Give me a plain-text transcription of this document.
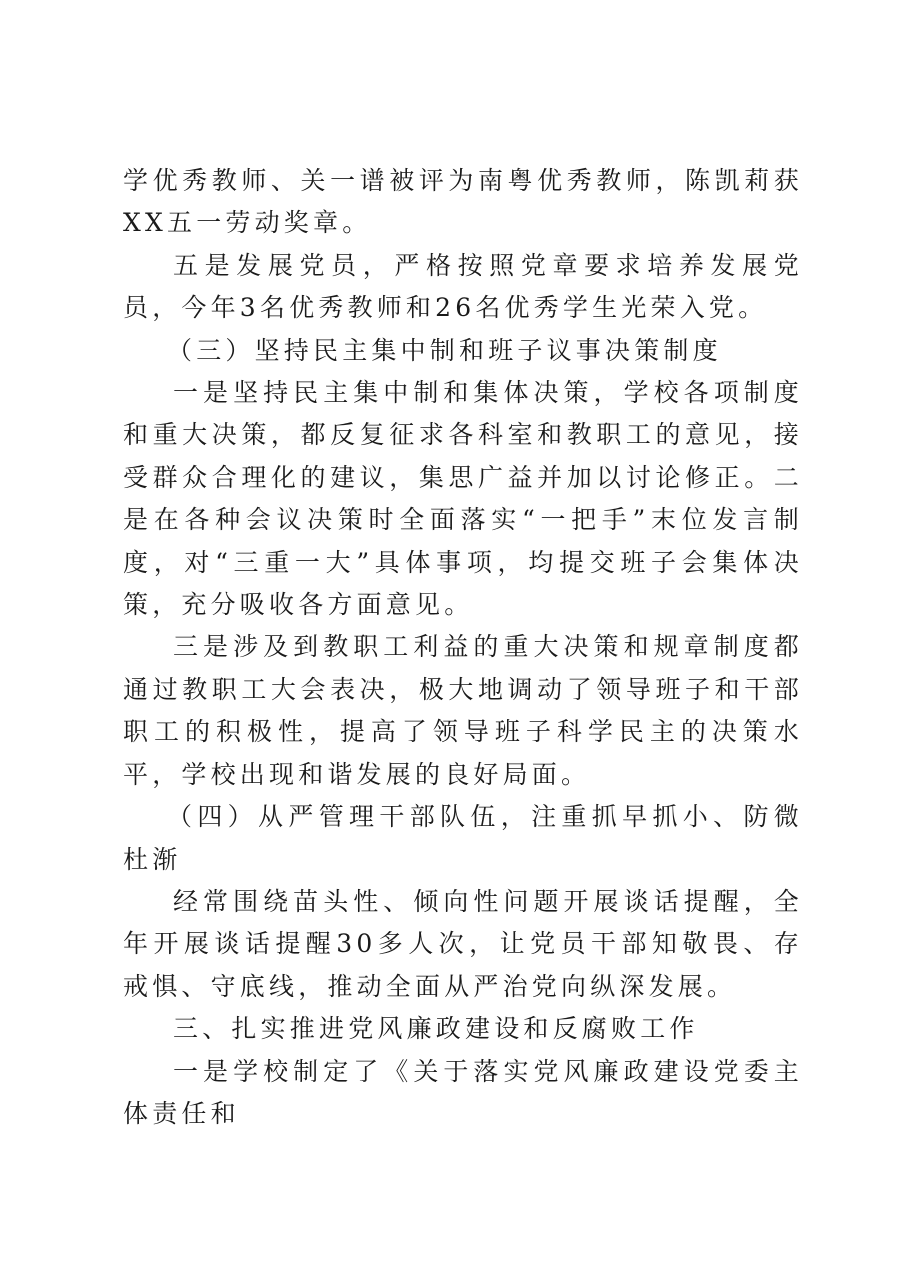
学优秀教师、关一谱被评为南粤优秀教师，陈凯莉获XX五一劳动奖章。

五是发展党员，严格按照党章要求培养发展党员，今年3名优秀教师和26名优秀学生光荣入党。

（三）坚持民主集中制和班子议事决策制度

一是坚持民主集中制和集体决策，学校各项制度和重大决策，都反复征求各科室和教职工的意见，接受群众合理化的建议，集思广益并加以讨论修正。二是在各种会议决策时全面落实“一把手”末位发言制度，对“三重一大”具体事项，均提交班子会集体决策，充分吸收各方面意见。

三是涉及到教职工利益的重大决策和规章制度都通过教职工大会表决，极大地调动了领导班子和干部职工的积极性，提高了领导班子科学民主的决策水平，学校出现和谐发展的良好局面。

（四）从严管理干部队伍，注重抓早抓小、防微杜渐

经常围绕苗头性、倾向性问题开展谈话提醒，全年开展谈话提醒30多人次，让党员干部知敬畏、存戒惧、守底线，推动全面从严治党向纵深发展。

三、扎实推进党风廉政建设和反腐败工作

一是学校制定了《关于落实党风廉政建设党委主体责任和
